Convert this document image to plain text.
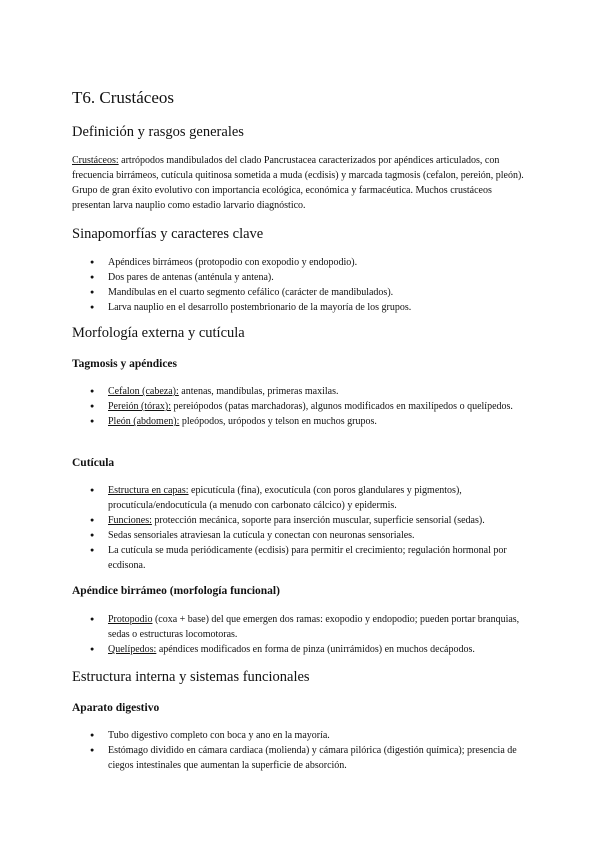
T6. Crustáceos
Definición y rasgos generales

Crustáceos: artrópodos mandibulados del clado Pancrustacea caracterizados por apéndices articulados, con frecuencia birrámeos, cutícula quitinosa sometida a muda (ecdisis) y marcada tagmosis (cefalon, pereión, pleón). Grupo de gran éxito evolutivo con importancia ecológica, económica y farmacéutica. Muchos crustáceos presentan larva nauplio como estadio larvario diagnóstico.

Sinapomorfías y caracteres clave
● Apéndices birrámeos (protopodio con exopodio y endopodio).
● Dos pares de antenas (anténula y antena).
● Mandíbulas en el cuarto segmento cefálico (carácter de mandibulados).
● Larva nauplio en el desarrollo postembrionario de la mayoría de los grupos.
Morfología externa y cutícula
Tagmosis y apéndices
● Cefalon (cabeza): antenas, mandíbulas, primeras maxilas.
● Pereión (tórax): pereiópodos (patas marchadoras), algunos modificados en maxilípedos o quelípedos.
● Pleón (abdomen): pleópodos, urópodos y telson en muchos grupos.
Cutícula
● Estructura en capas: epicutícula (fina), exocutícula (con poros glandulares y pigmentos), procutícula/endocutícula (a menudo con carbonato cálcico) y epidermis.
● Funciones: protección mecánica, soporte para inserción muscular, superficie sensorial (sedas).
● Sedas sensoriales atraviesan la cutícula y conectan con neuronas sensoriales.
● La cutícula se muda periódicamente (ecdisis) para permitir el crecimiento; regulación hormonal por ecdisona.
Apéndice birrámeo (morfología funcional)
● Protopodio (coxa + base) del que emergen dos ramas: exopodio y endopodio; pueden portar branquias, sedas o estructuras locomotoras.
● Quelípedos: apéndices modificados en forma de pinza (unirrámidos) en muchos decápodos.
Estructura interna y sistemas funcionales
Aparato digestivo
● Tubo digestivo completo con boca y ano en la mayoría.
● Estómago dividido en cámara cardiaca (molienda) y cámara pilórica (digestión química); presencia de ciegos intestinales que aumentan la superficie de absorción.
